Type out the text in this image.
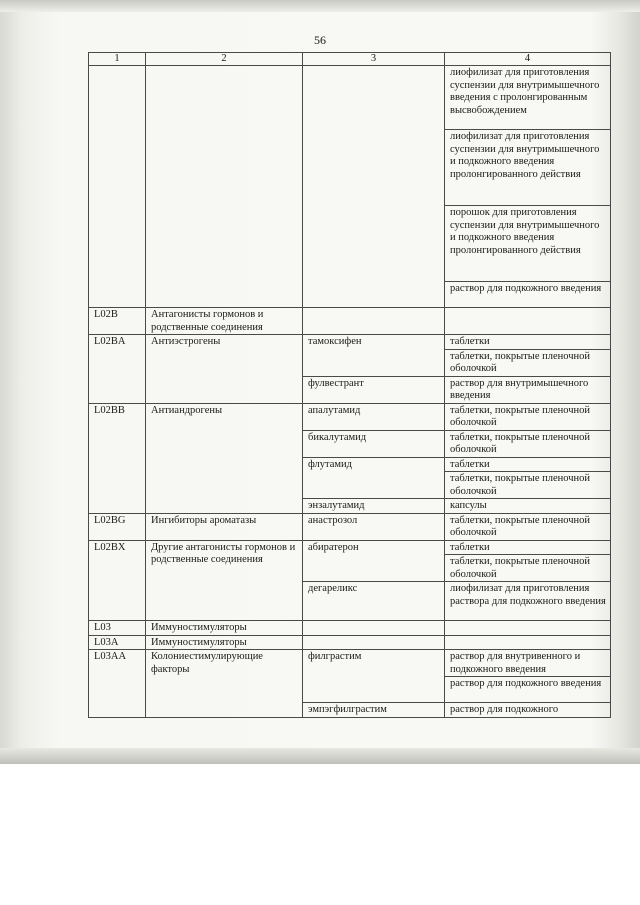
56
1	2	3	4
			лиофилизат для приготовления суспензии для внутримышечного введения с пролонгированным высвобождением
			лиофилизат для приготовления суспензии для внутримышечного и подкожного введения пролонгированного действия
			порошок для приготовления суспензии для внутримышечного и подкожного введения пролонгированного действия
			раствор для подкожного введения
L02B	Антагонисты гормонов и родственные соединения		
L02BA	Антиэстрогены	тамоксифен	таблетки
			таблетки, покрытые пленочной оболочкой
		фулвестрант	раствор для внутримышечного введения
L02BB	Антиандрогены	апалутамид	таблетки, покрытые пленочной оболочкой
		бикалутамид	таблетки, покрытые пленочной оболочкой
		флутамид	таблетки
			таблетки, покрытые пленочной оболочкой
		энзалутамид	капсулы
L02BG	Ингибиторы ароматазы	анастрозол	таблетки, покрытые пленочной оболочкой
L02BX	Другие антагонисты гормонов и родственные соединения	абиратерон	таблетки
			таблетки, покрытые пленочной оболочкой
		дегареликс	лиофилизат для приготовления раствора для подкожного введения
L03	Иммуностимуляторы		
L03A	Иммуностимуляторы		
L03AA	Колониестимулирующие факторы	филграстим	раствор для внутривенного и подкожного введения
			раствор для подкожного введения
		эмпэгфилграстим	раствор для подкожного
